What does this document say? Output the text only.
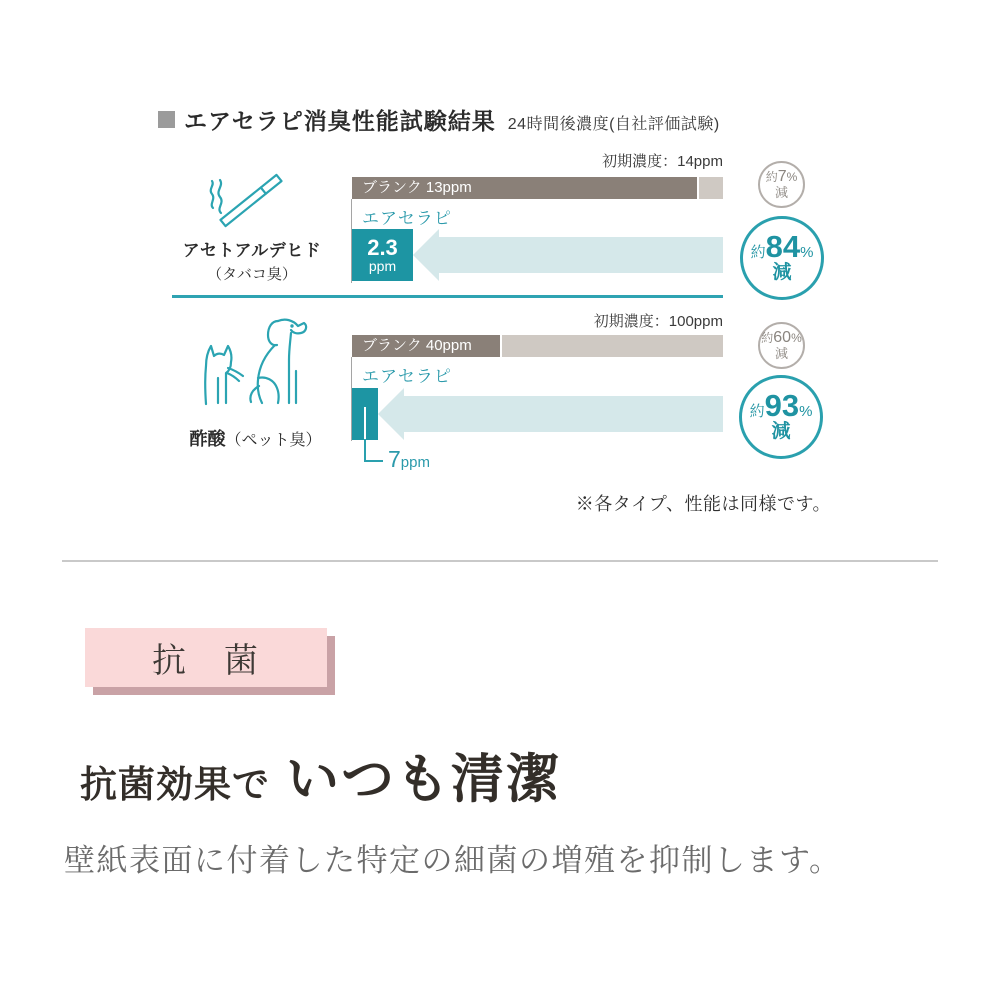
エアセラピ消臭性能試験結果 24時間後濃度(自社評価試験)
アセトアルデヒド
（タバコ臭）
初期濃度：14ppm
ブランク 13ppm
エアセラピ
2.3
ppm
約7%
減
約84%
減
酢酸（ペット臭）
初期濃度：100ppm
ブランク 40ppm
エアセラピ
7ppm
約60%
減
約93%
減
※各タイプ、性能は同様です。
抗　菌
抗菌効果で いつも清潔
壁紙表面に付着した特定の細菌の増殖を抑制します。
